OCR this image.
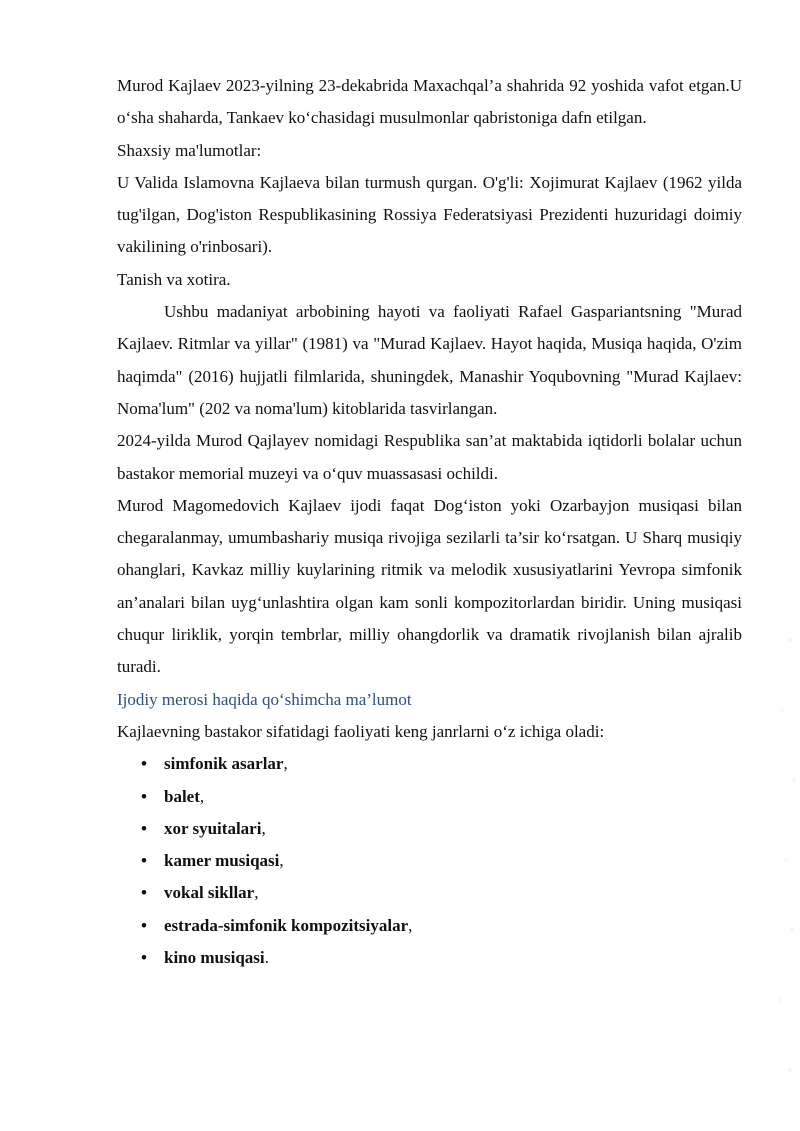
Murod Kajlaev 2023-yilning 23-dekabrida Maxachqal’a shahrida 92 yoshida vafot etgan.U o‘sha shaharda, Tankaev ko‘chasidagi musulmonlar qabristoniga dafn etilgan.

Shaxsiy ma'lumotlar:

U Valida Islamovna Kajlaeva bilan turmush qurgan. O'g'li: Xojimurat Kajlaev (1962 yilda tug'ilgan, Dog'iston Respublikasining Rossiya Federatsiyasi Prezidenti huzuridagi doimiy vakilining o'rinbosari).

Tanish va xotira.

Ushbu madaniyat arbobining hayoti va faoliyati Rafael Gaspariantsning "Murad Kajlaev. Ritmlar va yillar" (1981) va "Murad Kajlaev. Hayot haqida, Musiqa haqida, O'zim haqimda" (2016) hujjatli filmlarida, shuningdek, Manashir Yoqubovning "Murad Kajlaev: Noma'lum" (202 va noma'lum) kitoblarida tasvirlangan.

2024-yilda Murod Qajlayev nomidagi Respublika san’at maktabida iqtidorli bolalar uchun bastakor memorial muzeyi va o‘quv muassasasi ochildi.

Murod Magomedovich Kajlaev ijodi faqat Dog‘iston yoki Ozarbayjon musiqasi bilan chegaralanmay, umumbashariy musiqa rivojiga sezilarli ta’sir ko‘rsatgan. U Sharq musiqiy ohanglari, Kavkaz milliy kuylarining ritmik va melodik xususiyatlarini Yevropa simfonik an’analari bilan uyg‘unlashtira olgan kam sonli kompozitorlardan biridir. Uning musiqasi chuqur liriklik, yorqin tembrlar, milliy ohangdorlik va dramatik rivojlanish bilan ajralib turadi.

Ijodiy merosi haqida qo‘shimcha ma’lumot

Kajlaevning bastakor sifatidagi faoliyati keng janrlarni o‘z ichiga oladi:

• simfonik asarlar,
• balet,
• xor syuitalari,
• kamer musiqasi,
• vokal sikllar,
• estrada-simfonik kompozitsiyalar,
• kino musiqasi.
